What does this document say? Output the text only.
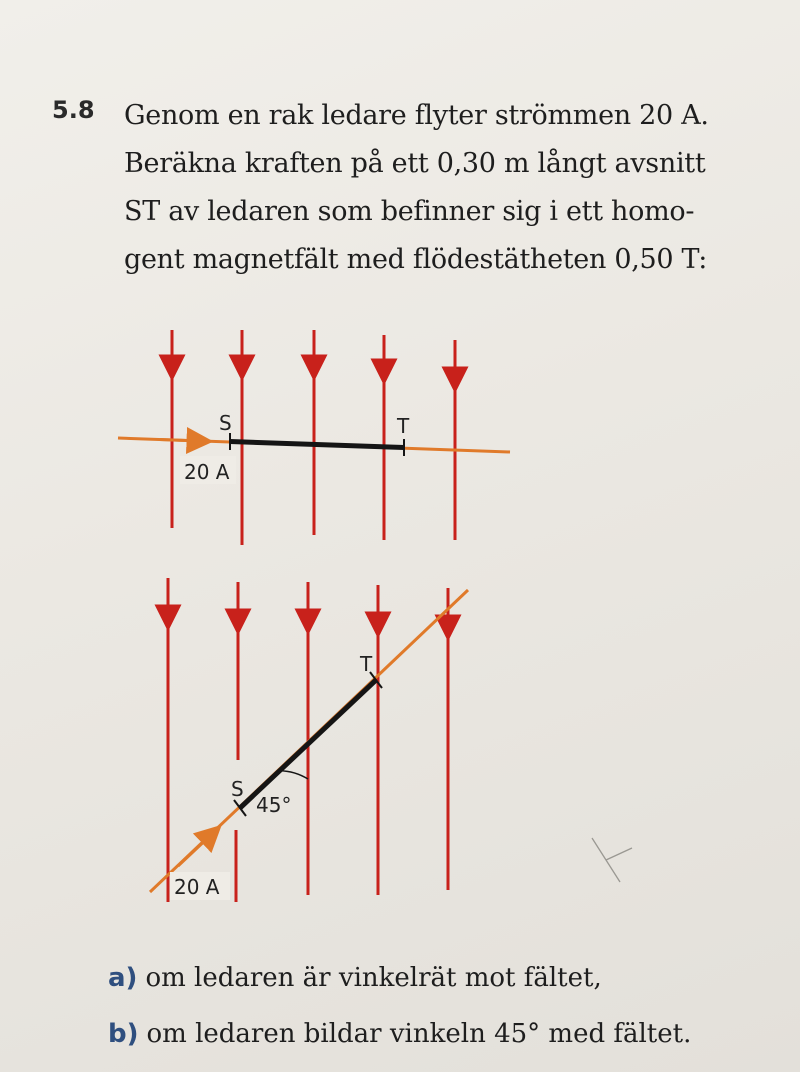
5.8 Genom en rak ledare flyter strömmen 20 A.
Beräkna kraften på ett 0,30 m långt avsnitt
ST av ledaren som befinner sig i ett homo-
gent magnetfält med flödestätheten 0,50 T:
S	T
20 A
S
T
45°
20 A
a) om ledaren är vinkelrät mot fältet,
b) om ledaren bildar vinkeln 45° med fältet.
